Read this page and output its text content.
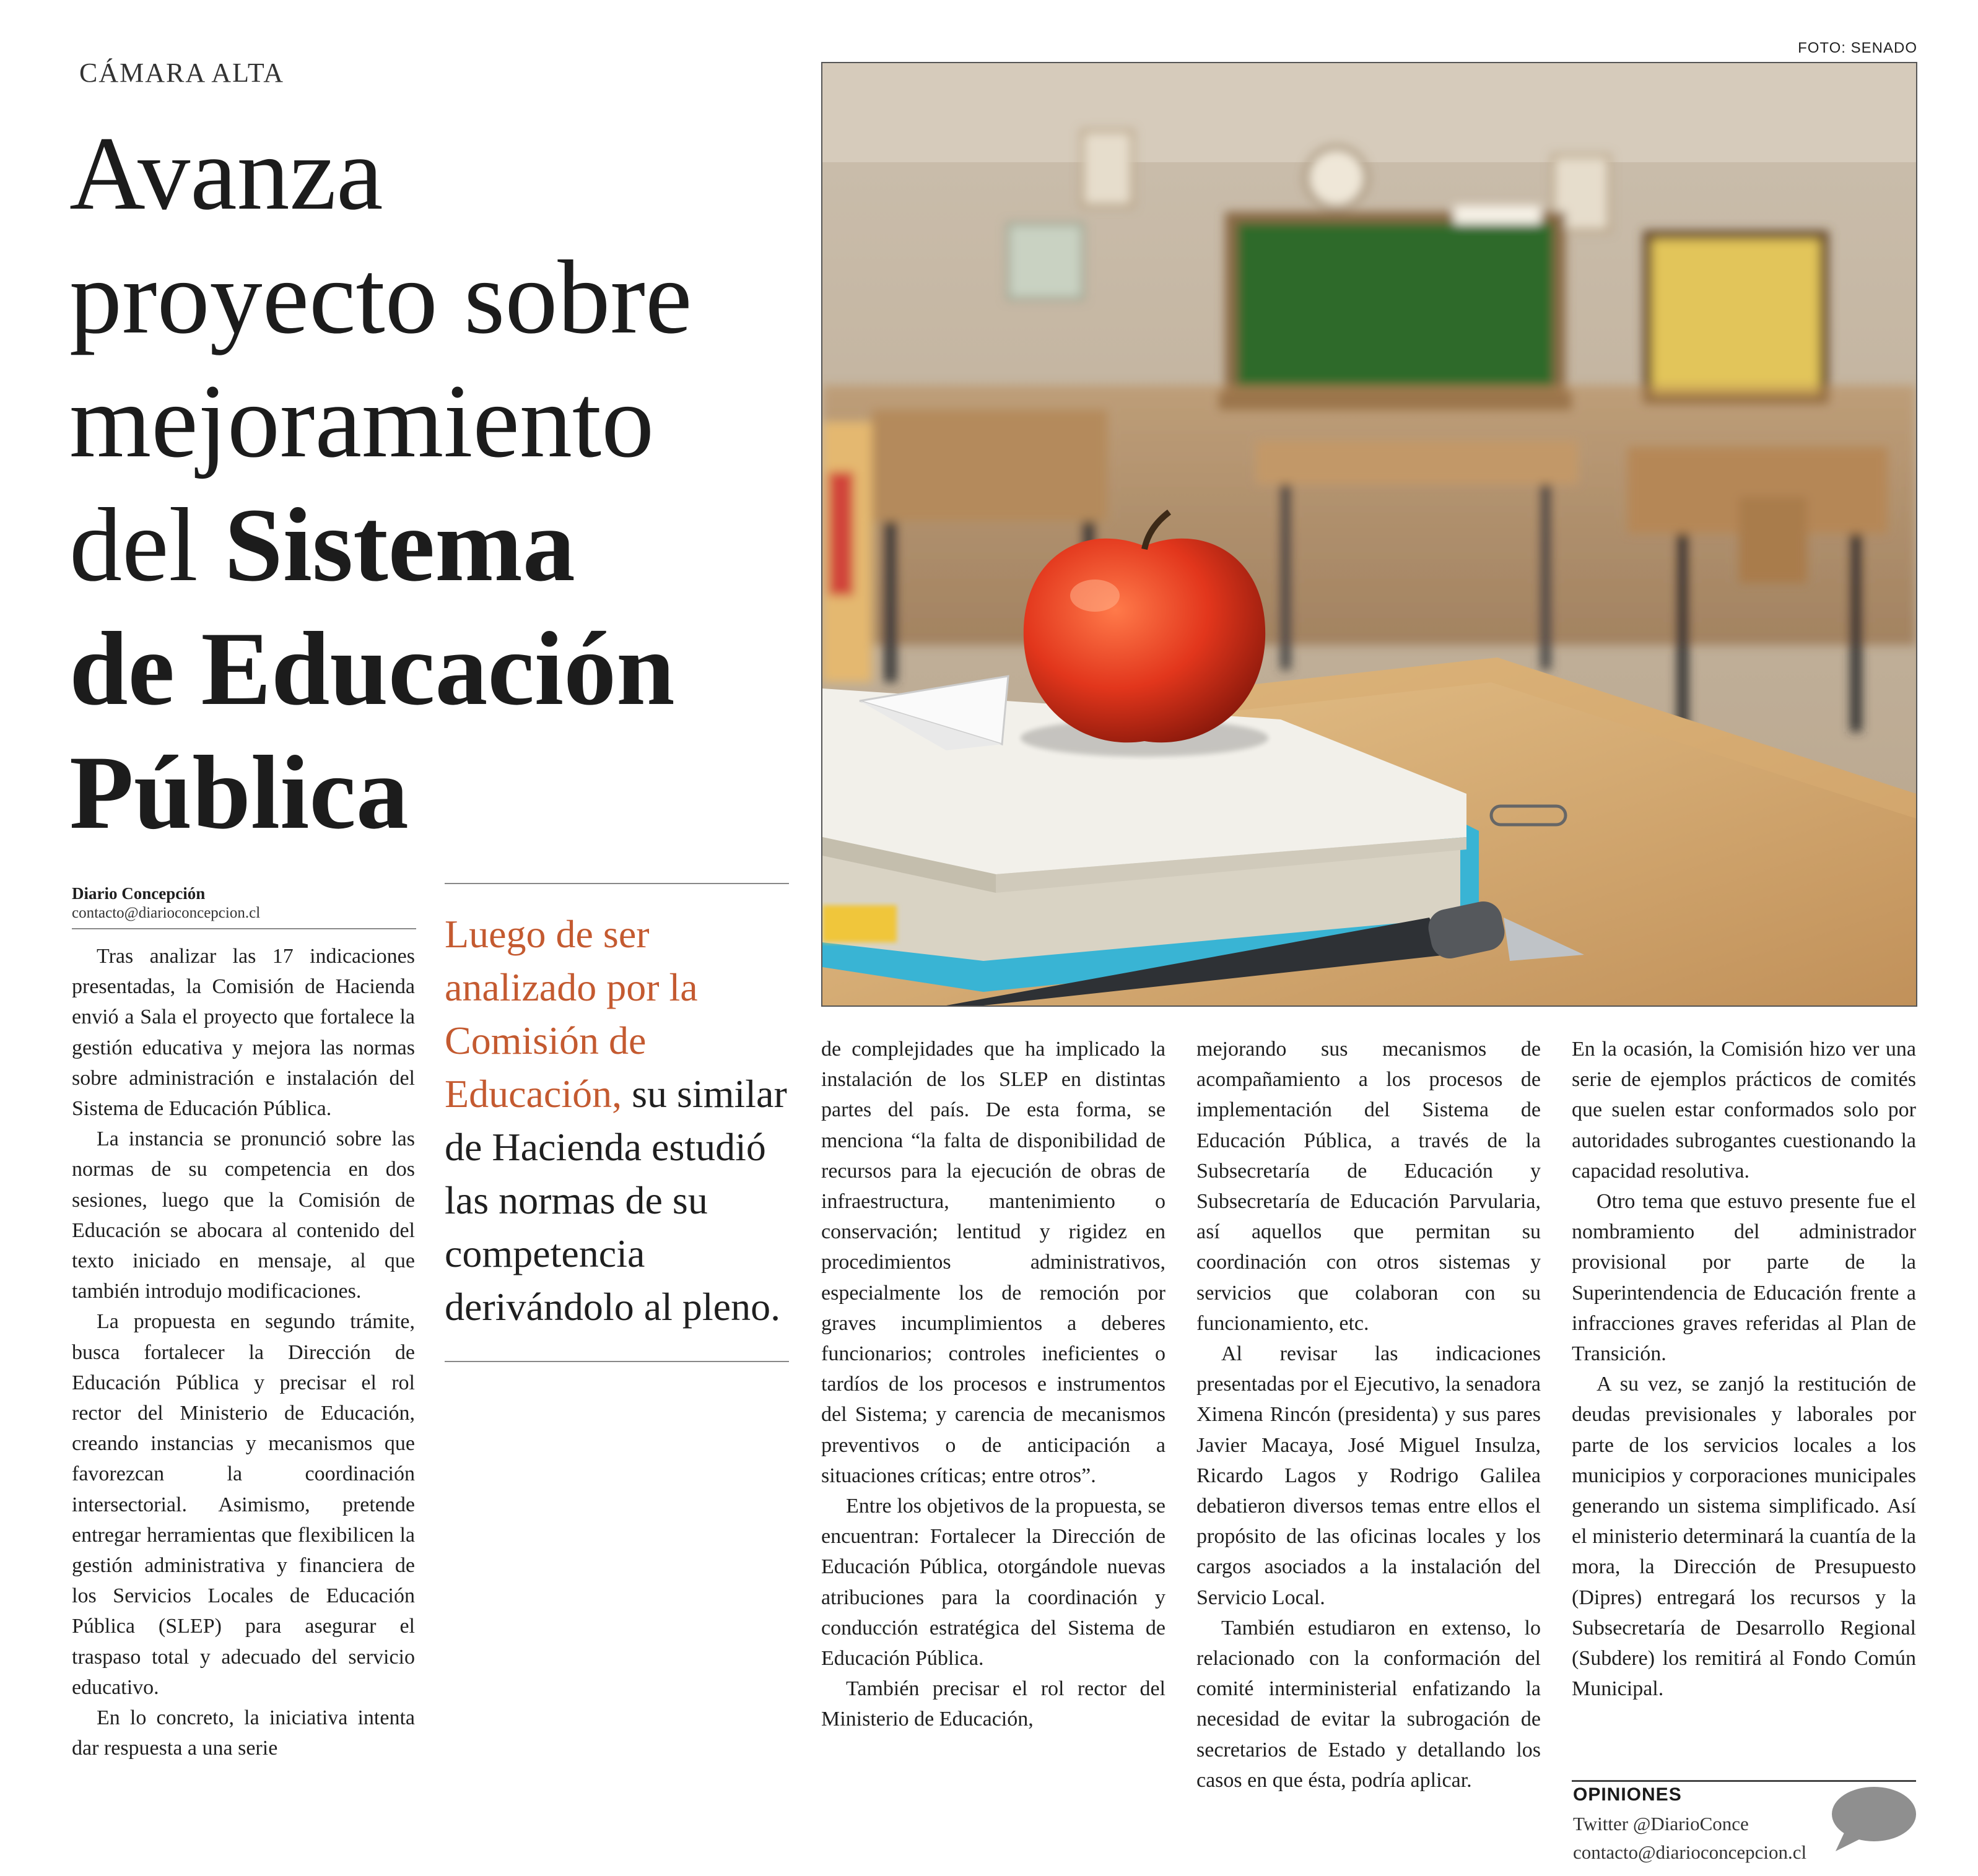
CÁMARA ALTA
Avanza
proyecto sobre
mejoramiento
del Sistema
de Educación
Pública
Diario Concepción
contacto@diarioconcepcion.cl

Tras analizar las 17 indicaciones presentadas, la Comisión de Hacienda envió a Sala el proyecto que fortalece la gestión educativa y mejora las normas sobre administración e instalación del Sistema de Educación Pública.

La instancia se pronunció sobre las normas de su competencia en dos sesiones, luego que la Comisión de Educación se abocara al contenido del texto iniciado en mensaje, al que también introdujo modificaciones.

La propuesta en segundo trámite, busca fortalecer la Dirección de Educación Pública y precisar el rol rector del Ministerio de Educación, creando instancias y mecanismos que favorezcan la coordinación intersectorial. Asimismo, pretende entregar herramientas que flexibilicen la gestión administrativa y financiera de los Servicios Locales de Educación Pública (SLEP) para asegurar el traspaso total y adecuado del servicio educativo.

En lo concreto, la iniciativa intenta dar respuesta a una serie

Luego de ser analizado por la Comisión de Educación, su similar de Hacienda estudió las normas de su competencia derivándolo al pleno.

FOTO: SENADO

de complejidades que ha implicado la instalación de los SLEP en distintas partes del país. De esta forma, se menciona “la falta de disponibilidad de recursos para la ejecución de obras de infraestructura, mantenimiento o conservación; lentitud y rigidez en procedimientos administrativos, especialmente los de remoción por graves incumplimientos a deberes funcionarios; controles ineficientes o tardíos de los procesos e instrumentos del Sistema; y carencia de mecanismos preventivos o de anticipación a situaciones críticas; entre otros”.

Entre los objetivos de la propuesta, se encuentran: Fortalecer la Dirección de Educación Pública, otorgándole nuevas atribuciones para la coordinación y conducción estratégica del Sistema de Educación Pública.

También precisar el rol rector del Ministerio de Educación,

mejorando sus mecanismos de acompañamiento a los procesos de implementación del Sistema de Educación Pública, a través de la Subsecretaría de Educación y Subsecretaría de Educación Parvularia, así aquellos que permitan su coordinación con otros sistemas y servicios que colaboran con su funcionamiento, etc.

Al revisar las indicaciones presentadas por el Ejecutivo, la senadora Ximena Rincón (presidenta) y sus pares Javier Macaya, José Miguel Insulza, Ricardo Lagos y Rodrigo Galilea debatieron diversos temas entre ellos el propósito de las oficinas locales y los cargos asociados a la instalación del Servicio Local.

También estudiaron en extenso, lo relacionado con la conformación del comité interministerial enfatizando la necesidad de evitar la subrogación de secretarios de Estado y detallando los casos en que ésta, podría aplicar.

En la ocasión, la Comisión hizo ver una serie de ejemplos prácticos de comités que suelen estar conformados solo por autoridades subrogantes cuestionando la capacidad resolutiva.

Otro tema que estuvo presente fue el nombramiento del administrador provisional por parte de la Superintendencia de Educación frente a infracciones graves referidas al Plan de Transición.

A su vez, se zanjó la restitución de deudas previsionales y laborales por parte de los servicios locales a los municipios y corporaciones municipales generando un sistema simplificado. Así el ministerio determinará la cuantía de la mora, la Dirección de Presupuesto (Dipres) entregará los recursos y la Subsecretaría de Desarrollo Regional (Subdere) los remitirá al Fondo Común Municipal.

OPINIONES
Twitter @DiarioConce
contacto@diarioconcepcion.cl
